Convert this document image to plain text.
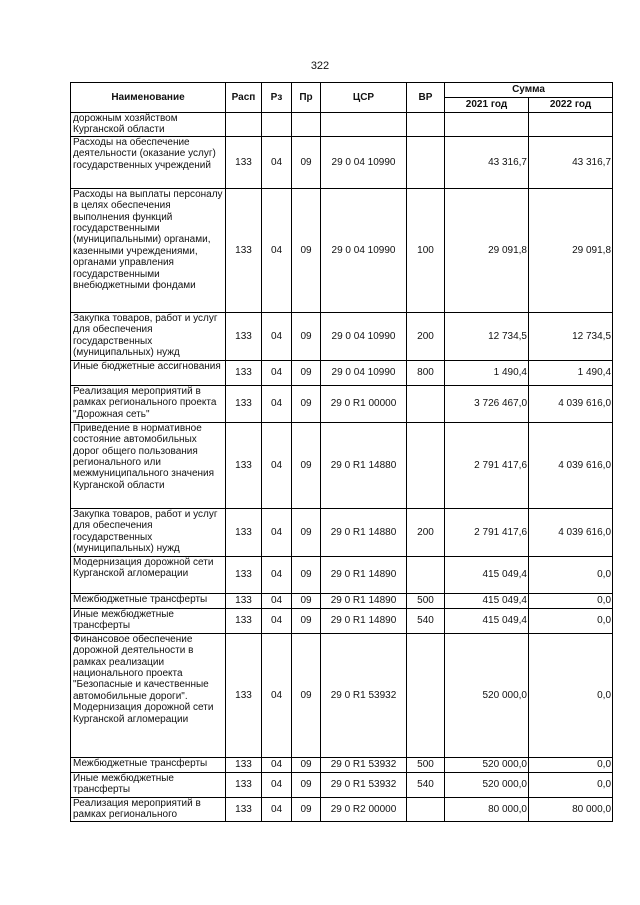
322
Наименование	Расп	Рз	Пр	ЦСР	ВР	Сумма	
						2021 год	2022 год
дорожным хозяйством Курганской области							
Расходы на обеспечение деятельности (оказание услуг) государственных учреждений	133	04	09	29 0 04 10990		43 316,7	43 316,7
Расходы на выплаты персоналу в целях обеспечения выполнения функций государственными (муниципальными) органами, казенными учреждениями, органами управления государственными внебюджетными фондами	133	04	09	29 0 04 10990	100	29 091,8	29 091,8
Закупка товаров, работ и услуг для обеспечения государственных (муниципальных) нужд	133	04	09	29 0 04 10990	200	12 734,5	12 734,5
Иные бюджетные ассигнования	133	04	09	29 0 04 10990	800	1 490,4	1 490,4
Реализация мероприятий в рамках регионального проекта "Дорожная сеть"	133	04	09	29 0 R1 00000		3 726 467,0	4 039 616,0
Приведение в нормативное состояние автомобильных дорог общего пользования регионального или межмуниципального значения Курганской области	133	04	09	29 0 R1 14880		2 791 417,6	4 039 616,0
Закупка товаров, работ и услуг для обеспечения государственных (муниципальных) нужд	133	04	09	29 0 R1 14880	200	2 791 417,6	4 039 616,0
Модернизация дорожной сети Курганской агломерации	133	04	09	29 0 R1 14890		415 049,4	0,0
Межбюджетные трансферты	133	04	09	29 0 R1 14890	500	415 049,4	0,0
Иные межбюджетные трансферты	133	04	09	29 0 R1 14890	540	415 049,4	0,0
Финансовое обеспечение дорожной деятельности в рамках реализации национального проекта "Безопасные и качественные автомобильные дороги". Модернизация дорожной сети Курганской агломерации	133	04	09	29 0 R1 53932		520 000,0	0,0
Межбюджетные трансферты	133	04	09	29 0 R1 53932	500	520 000,0	0,0
Иные межбюджетные трансферты	133	04	09	29 0 R1 53932	540	520 000,0	0,0
Реализация мероприятий в рамках регионального	133	04	09	29 0 R2 00000		80 000,0	80 000,0
